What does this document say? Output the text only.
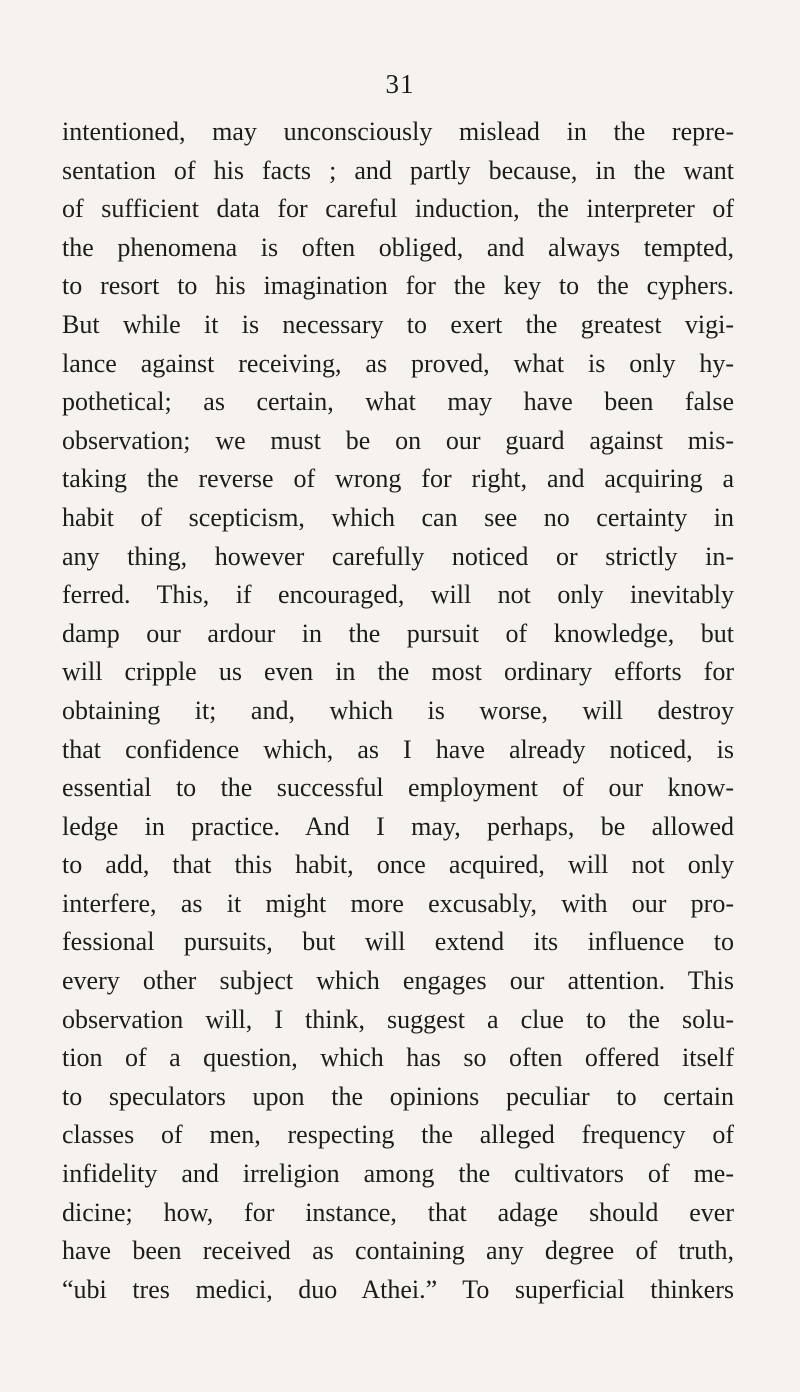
31
intentioned, may unconsciously mislead in the repre-
sentation of his facts ; and partly because, in the want
of sufficient data for careful induction, the interpreter of
the phenomena is often obliged, and always tempted,
to resort to his imagination for the key to the cyphers.
But while it is necessary to exert the greatest vigi-
lance against receiving, as proved, what is only hy-
pothetical; as certain, what may have been false
observation; we must be on our guard against mis-
taking the reverse of wrong for right, and acquiring a
habit of scepticism, which can see no certainty in
any thing, however carefully noticed or strictly in-
ferred. This, if encouraged, will not only inevitably
damp our ardour in the pursuit of knowledge, but
will cripple us even in the most ordinary efforts for
obtaining it; and, which is worse, will destroy
that confidence which, as I have already noticed, is
essential to the successful employment of our know-
ledge in practice. And I may, perhaps, be allowed
to add, that this habit, once acquired, will not only
interfere, as it might more excusably, with our pro-
fessional pursuits, but will extend its influence to
every other subject which engages our attention. This
observation will, I think, suggest a clue to the solu-
tion of a question, which has so often offered itself
to speculators upon the opinions peculiar to certain
classes of men, respecting the alleged frequency of
infidelity and irreligion among the cultivators of me-
dicine; how, for instance, that adage should ever
have been received as containing any degree of truth,
“ubi tres medici, duo Athei.” To superficial thinkers
